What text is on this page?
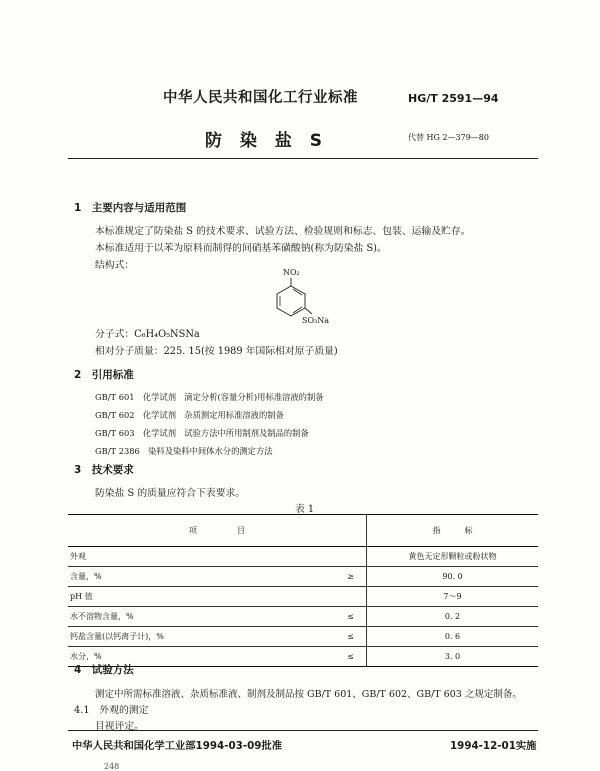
中华人民共和国化工行业标准	HG/T 2591—94
防 染 盐 S	代替 HG 2—379—80
1　主要内容与适用范围
本标准规定了防染盐 S 的技术要求、试验方法、检验规则和标志、包装、运输及贮存。
本标准适用于以苯为原料而制得的间硝基苯磺酸钠(称为防染盐 S)。
结构式：
NO₂
SO₃Na
分子式：C₆H₄O₅NSNa
相对分子质量：225. 15(按 1989 年国际相对原子质量)
2　引用标准
GB/T 601　化学试剂　滴定分析(容量分析)用标准溶液的制备
GB/T 602　化学试剂　杂质测定用标准溶液的制备
GB/T 603　化学试剂　试验方法中所用制剂及制品的制备
GB/T 2386　染料及染料中间体水分的测定方法
3　技术要求
防染盐 S 的质量应符合下表要求。
表 1
项　　　　　目		指　　　标
外观		黄色无定形颗粒或粉状物
含量，%	≥	90. 0
pH 值		7～9
水不溶物含量，%	≤	0. 2
钙盐含量(以钙离子计)，%	≤	0. 6
水分，%	≤	3. 0
4　试验方法
测定中所需标准溶液、杂质标准液、制剂及制品按 GB/T 601、GB/T 602、GB/T 603 之规定制备。
4.1　外观的测定
目视评定。
中华人民共和国化学工业部1994-03-09批准	1994-12-01实施
248
